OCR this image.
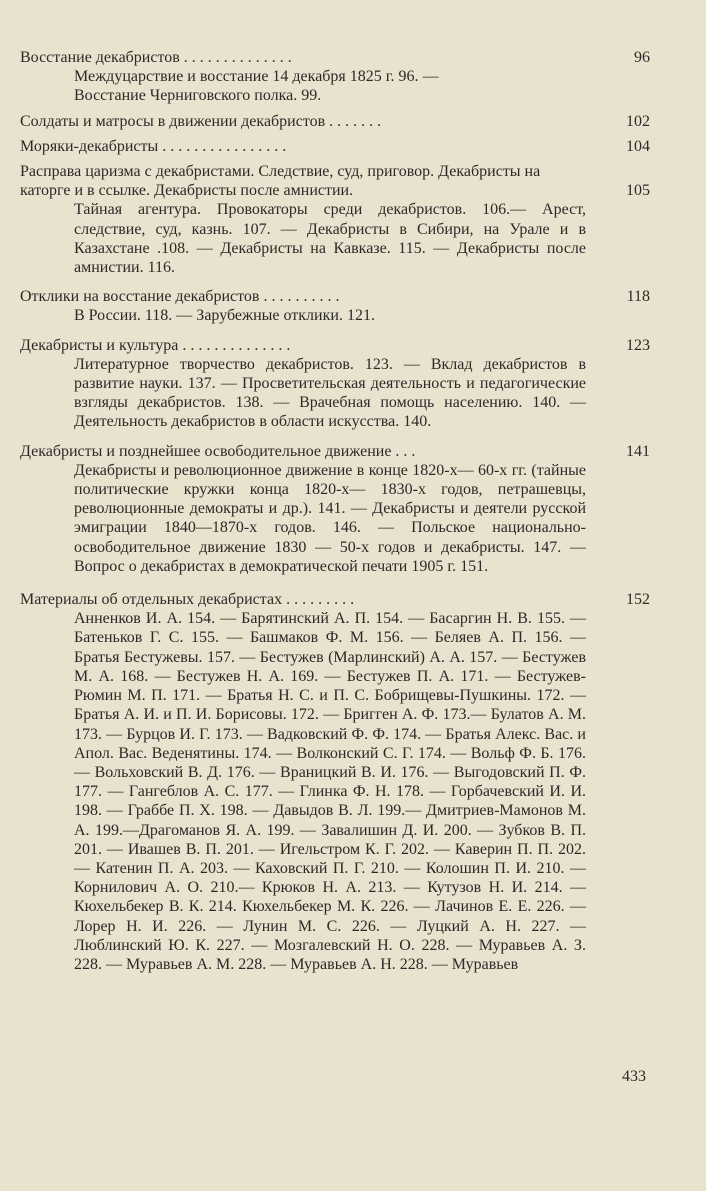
Восстание декабристов . . . . . . . . . . . . . .	96
Междуцарствие и восстание 14 декабря 1825 г. 96. —
Восстание Черниговского полка. 99.
Солдаты и матросы в движении декабристов . . . . . . .	102
Моряки-декабристы . . . . . . . . . . . . . . . .	104
Расправа царизма с декабристами. Следствие, суд, приговор. Декабристы на каторге и в ссылке. Декабристы после амнистии.	105
Тайная агентура. Провокаторы среди декабристов. 106.— Арест, следствие, суд, казнь. 107. — Декабристы в Сибири, на Урале и в Казахстане .108. — Декабристы на Кавказе. 115. — Декабристы после амнистии. 116.
Отклики на восстание декабристов . . . . . . . . . .	118
В России. 118. — Зарубежные отклики. 121.
Декабристы и культура . . . . . . . . . . . . . .	123
Литературное творчество декабристов. 123. — Вклад декабристов в развитие науки. 137. — Просветительская деятельность и педагогические взгляды декабристов. 138. — Врачебная помощь населению. 140. — Деятельность декабристов в области искусства. 140.
Декабристы и позднейшее освободительное движение . . .	141
Декабристы и революционное движение в конце 1820-х— 60-х гг. (тайные политические кружки конца 1820-х— 1830-х годов, петрашевцы, революционные демократы и др.). 141. — Декабристы и деятели русской эмиграции 1840—1870-х годов. 146. — Польское национально-освободительное движение 1830 — 50-х годов и декабристы. 147. — Вопрос о декабристах в демократической печати 1905 г. 151.
Материалы об отдельных декабристах . . . . . . . . .	152
Анненков И. А. 154. — Барятинский А. П. 154. — Басаргин Н. В. 155. — Батеньков Г. С. 155. — Башмаков Ф. М. 156. — Беляев А. П. 156. — Братья Бестужевы. 157. — Бестужев (Марлинский) А. А. 157. — Бестужев М. А. 168. — Бестужев Н. А. 169. — Бестужев П. А. 171. — Бестужев-Рюмин М. П. 171. — Братья Н. С. и П. С. Бобрищевы-Пушкины. 172. — Братья А. И. и П. И. Борисовы. 172. — Бригген А. Ф. 173.— Булатов А. М. 173. — Бурцов И. Г. 173. — Вадковский Ф. Ф. 174. — Братья Алекс. Вас. и Апол. Вас. Веденятины. 174. — Волконский С. Г. 174. — Вольф Ф. Б. 176. — Вольховский В. Д. 176. — Враницкий В. И. 176. — Выгодовский П. Ф. 177. — Гангеблов А. С. 177. — Глинка Ф. Н. 178. — Горбачевский И. И. 198. — Граббе П. Х. 198. — Давыдов В. Л. 199.— Дмитриев-Мамонов М. А. 199.—Драгоманов Я. А. 199. — Завалишин Д. И. 200. — Зубков В. П. 201. — Ивашев В. П. 201. — Игельстром К. Г. 202. — Каверин П. П. 202. — Катенин П. А. 203. — Каховский П. Г. 210. — Колошин П. И. 210. — Корнилович А. О. 210.— Крюков Н. А. 213. — Кутузов Н. И. 214. — Кюхельбекер В. К. 214. Кюхельбекер М. К. 226. — Лачинов Е. Е. 226. — Лорер Н. И. 226. — Лунин М. С. 226. — Луцкий А. Н. 227. — Люблинский Ю. К. 227. — Мозгалевский Н. О. 228. — Муравьев А. З. 228. — Муравьев А. М. 228. — Муравьев А. Н. 228. — Муравьев
433
